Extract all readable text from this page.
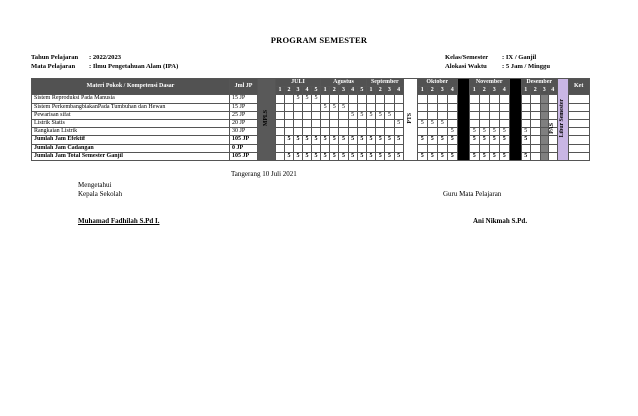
PROGRAM SEMESTER
Tahun Pelajaran : 2022/2023
Mata Pelajaran : Ilmu Pengetahuan Alam (IPA)
Kelas/Semester : IX / Ganjil
Alokasi Waktu : 5 Jam / Minggu
Materi Pokok / Kompetensi Dasar	Jml JP	MPLS	JULI					Agustus					September				PTS	Oktober					November					Desember				Libur Semester	Ket
			1	2	3	4	5	1	2	3	4	5	1	2	3	4		1	2	3	4		1	2	3	4		1	2	3	4		
Sistem Reproduksi Pada Manusia	15 JP				5	5	5																										
Sistem PerkembangbiakanPada Tumbuhan dan Hewan	15 JP							5	5	5																							
Pewarisan sifat	25 JP										5	5	5	5	5																		
Listrik Statis	20 JP															5		5	5	5													
Rangkaian Listrik	30 JP																				5		5	5	5	5		5					
Jumlah Jam Efektif	105 JP			5	5	5	5	5	5	5	5	5	5	5	5	5		5	5	5	5		5	5	5	5		5					
Jumlah Jam Cadangan	0 JP																																
Jumlah Jam Total Semester Ganjil	105 JP			5	5	5	5	5	5	5	5	5	5	5	5	5		5	5	5	5		5	5	5	5		5					
Tangerang 10 Juli 2021
Mengetahui
Kepala Sekolah	Guru Mata Pelajaran
Muhamad Fadhilah S.Pd I.	Ani Nikmah S.Pd.
PAS
